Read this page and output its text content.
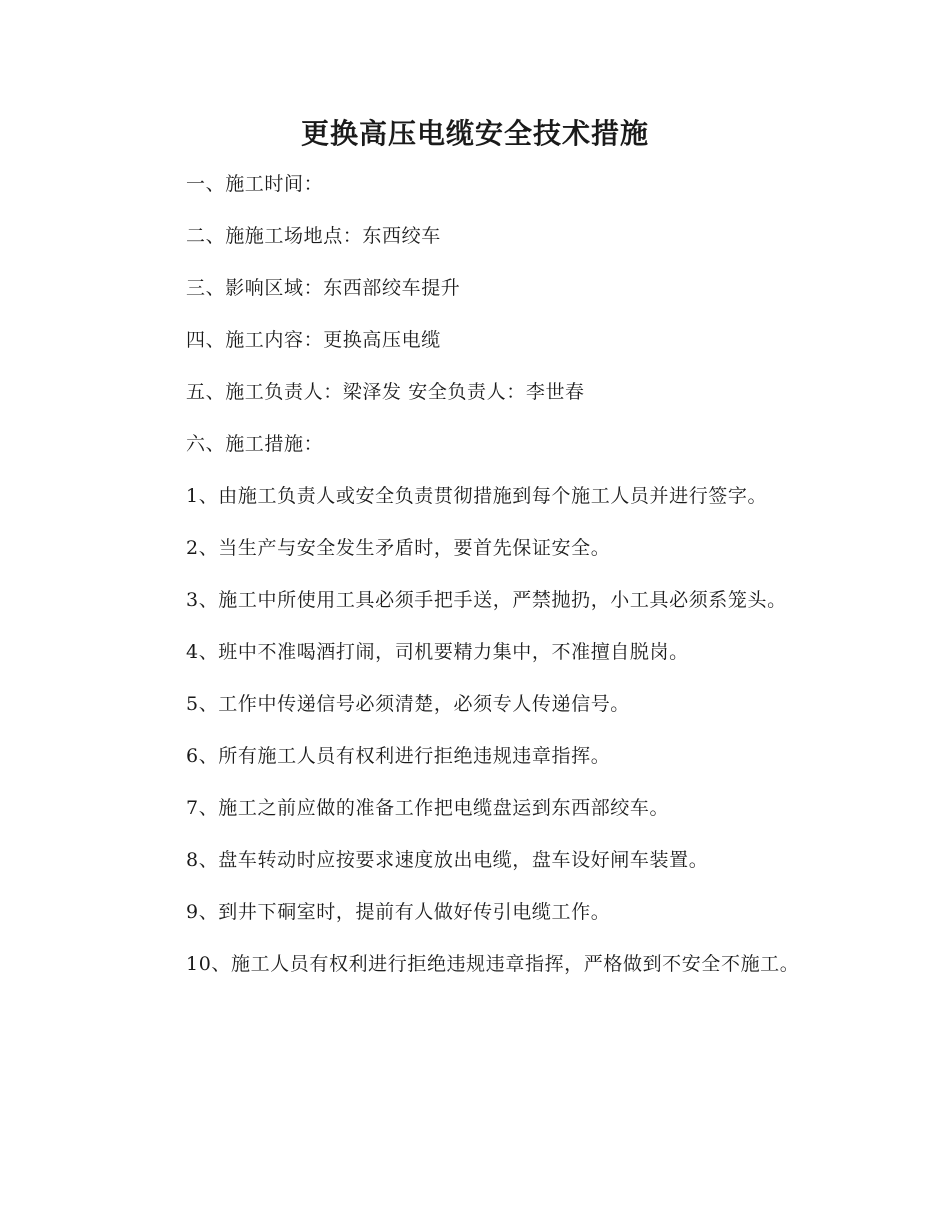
更换高压电缆安全技术措施

一、施工时间：

二、施施工场地点：东西绞车

三、影响区域：东西部绞车提升

四、施工内容：更换高压电缆

五、施工负责人：梁泽发 安全负责人：李世春

六、施工措施：

1、由施工负责人或安全负责贯彻措施到每个施工人员并进行签字。

2、当生产与安全发生矛盾时，要首先保证安全。

3、施工中所使用工具必须手把手送，严禁抛扔，小工具必须系笼头。

4、班中不准喝酒打闹，司机要精力集中，不准擅自脱岗。

5、工作中传递信号必须清楚，必须专人传递信号。

6、所有施工人员有权利进行拒绝违规违章指挥。

7、施工之前应做的准备工作把电缆盘运到东西部绞车。

8、盘车转动时应按要求速度放出电缆，盘车设好闸车装置。

9、到井下硐室时，提前有人做好传引电缆工作。

10、施工人员有权利进行拒绝违规违章指挥，严格做到不安全不施工。
